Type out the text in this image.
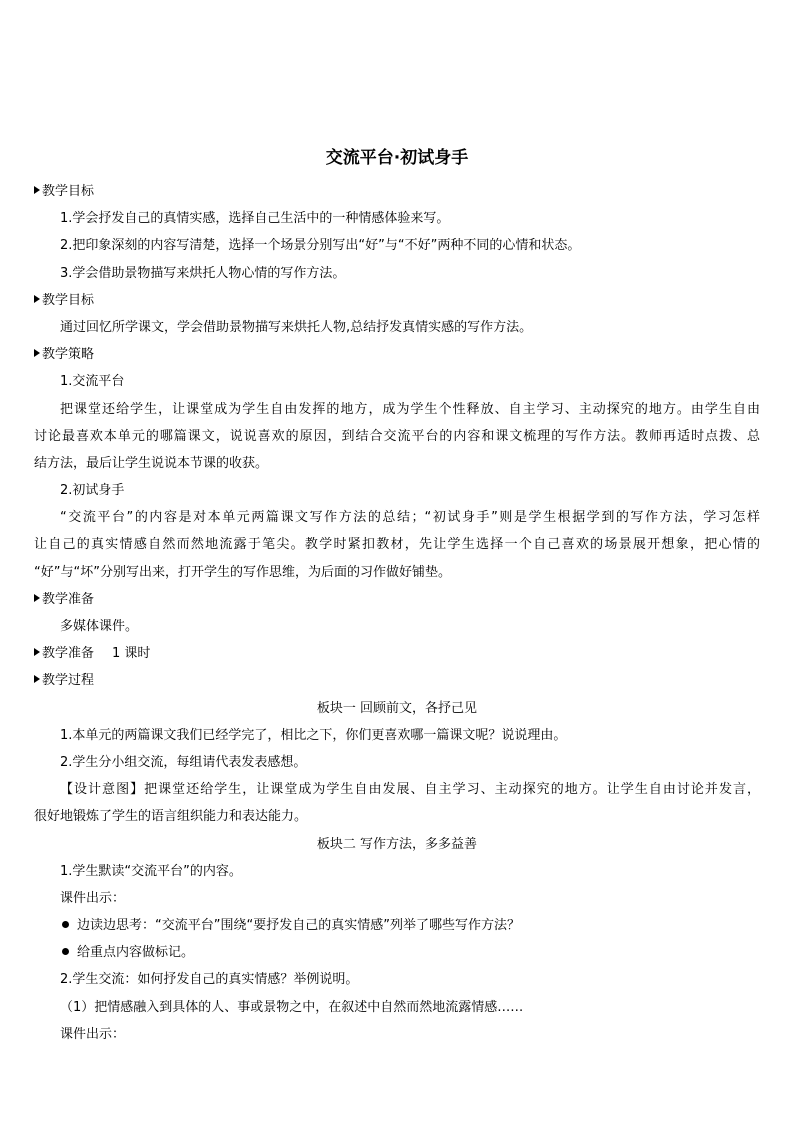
交流平台·初试身手
教学目标
1.学会抒发自己的真情实感，选择自己生活中的一种情感体验来写。
2.把印象深刻的内容写清楚，选择一个场景分别写出“好”与“不好”两种不同的心情和状态。
3.学会借助景物描写来烘托人物心情的写作方法。
教学目标
通过回忆所学课文，学会借助景物描写来烘托人物,总结抒发真情实感的写作方法。
教学策略
1.交流平台
把课堂还给学生，让课堂成为学生自由发挥的地方，成为学生个性释放、自主学习、主动探究的地方。由学生自由
讨论最喜欢本单元的哪篇课文，说说喜欢的原因，到结合交流平台的内容和课文梳理的写作方法。教师再适时点拨、总
结方法，最后让学生说说本节课的收获。
2.初试身手
“交流平台”的内容是对本单元两篇课文写作方法的总结；“初试身手”则是学生根据学到的写作方法，学习怎样
让自己的真实情感自然而然地流露于笔尖。教学时紧扣教材，先让学生选择一个自己喜欢的场景展开想象，把心情的
“好”与“坏”分别写出来，打开学生的写作思维，为后面的习作做好铺垫。
教学准备
多媒体课件。
教学准备 1 课时
教学过程
板块一 回顾前文，各抒己见
1.本单元的两篇课文我们已经学完了，相比之下，你们更喜欢哪一篇课文呢？说说理由。
2.学生分小组交流，每组请代表发表感想。
【设计意图】把课堂还给学生，让课堂成为学生自由发展、自主学习、主动探究的地方。让学生自由讨论并发言，
很好地锻炼了学生的语言组织能力和表达能力。
板块二 写作方法，多多益善
1.学生默读“交流平台”的内容。
课件出示：
边读边思考：“交流平台”围绕“要抒发自己的真实情感”列举了哪些写作方法？
给重点内容做标记。
2.学生交流：如何抒发自己的真实情感？举例说明。
（1）把情感融入到具体的人、事或景物之中，在叙述中自然而然地流露情感……
课件出示：
